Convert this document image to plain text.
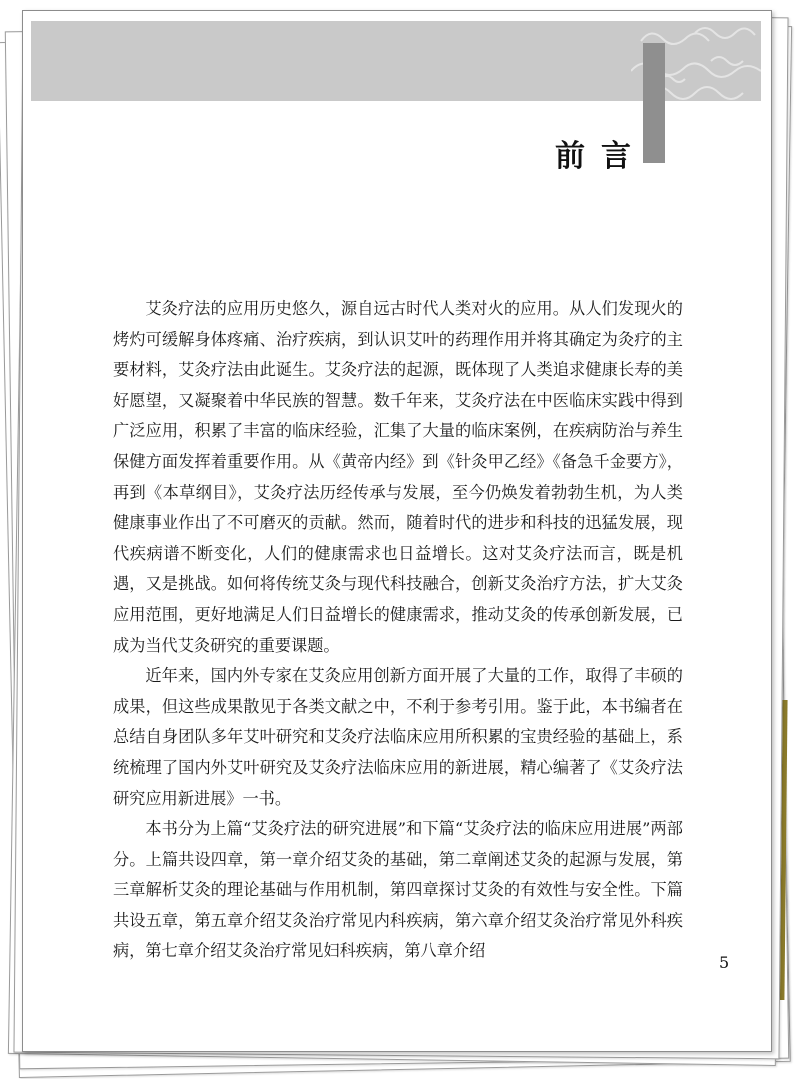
前言

艾灸疗法的应用历史悠久，源自远古时代人类对火的应用。从人们发现火的烤灼可缓解身体疼痛、治疗疾病，到认识艾叶的药理作用并将其确定为灸疗的主要材料，艾灸疗法由此诞生。艾灸疗法的起源，既体现了人类追求健康长寿的美好愿望，又凝聚着中华民族的智慧。数千年来，艾灸疗法在中医临床实践中得到广泛应用，积累了丰富的临床经验，汇集了大量的临床案例，在疾病防治与养生保健方面发挥着重要作用。从《黄帝内经》到《针灸甲乙经》《备急千金要方》，再到《本草纲目》，艾灸疗法历经传承与发展，至今仍焕发着勃勃生机，为人类健康事业作出了不可磨灭的贡献。然而，随着时代的进步和科技的迅猛发展，现代疾病谱不断变化，人们的健康需求也日益增长。这对艾灸疗法而言，既是机遇，又是挑战。如何将传统艾灸与现代科技融合，创新艾灸治疗方法，扩大艾灸应用范围，更好地满足人们日益增长的健康需求，推动艾灸的传承创新发展，已成为当代艾灸研究的重要课题。

近年来，国内外专家在艾灸应用创新方面开展了大量的工作，取得了丰硕的成果，但这些成果散见于各类文献之中，不利于参考引用。鉴于此，本书编者在总结自身团队多年艾叶研究和艾灸疗法临床应用所积累的宝贵经验的基础上，系统梳理了国内外艾叶研究及艾灸疗法临床应用的新进展，精心编著了《艾灸疗法研究应用新进展》一书。

本书分为上篇“艾灸疗法的研究进展”和下篇“艾灸疗法的临床应用进展”两部分。上篇共设四章，第一章介绍艾灸的基础，第二章阐述艾灸的起源与发展，第三章解析艾灸的理论基础与作用机制，第四章探讨艾灸的有效性与安全性。下篇共设五章，第五章介绍艾灸治疗常见内科疾病，第六章介绍艾灸治疗常见外科疾病，第七章介绍艾灸治疗常见妇科疾病，第八章介绍

5
